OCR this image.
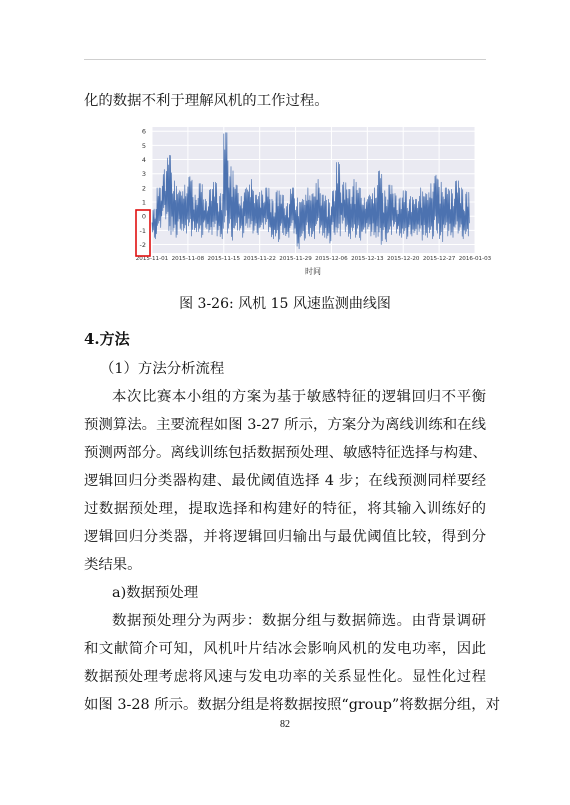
化的数据不利于理解风机的工作过程。
-2
-1
0
1
2
3
4
5
6
2015-11-01 2015-11-08 2015-11-15 2015-11-22 2015-11-29 2015-12-06 2015-12-13 2015-12-20 2015-12-27 2016-01-03
时间
图 3-26: 风机 15 风速监测曲线图
4.方法
（1）方法分析流程
本次比赛本小组的方案为基于敏感特征的逻辑回归不平衡
预测算法。主要流程如图 3-27 所示，方案分为离线训练和在线
预测两部分。离线训练包括数据预处理、敏感特征选择与构建、
逻辑回归分类器构建、最优阈值选择 4 步；在线预测同样要经
过数据预处理，提取选择和构建好的特征，将其输入训练好的
逻辑回归分类器，并将逻辑回归输出与最优阈值比较，得到分
类结果。
a)数据预处理
数据预处理分为两步：数据分组与数据筛选。由背景调研
和文献简介可知，风机叶片结冰会影响风机的发电功率，因此
数据预处理考虑将风速与发电功率的关系显性化。显性化过程
如图 3-28 所示。数据分组是将数据按照“group”将数据分组，对
82
